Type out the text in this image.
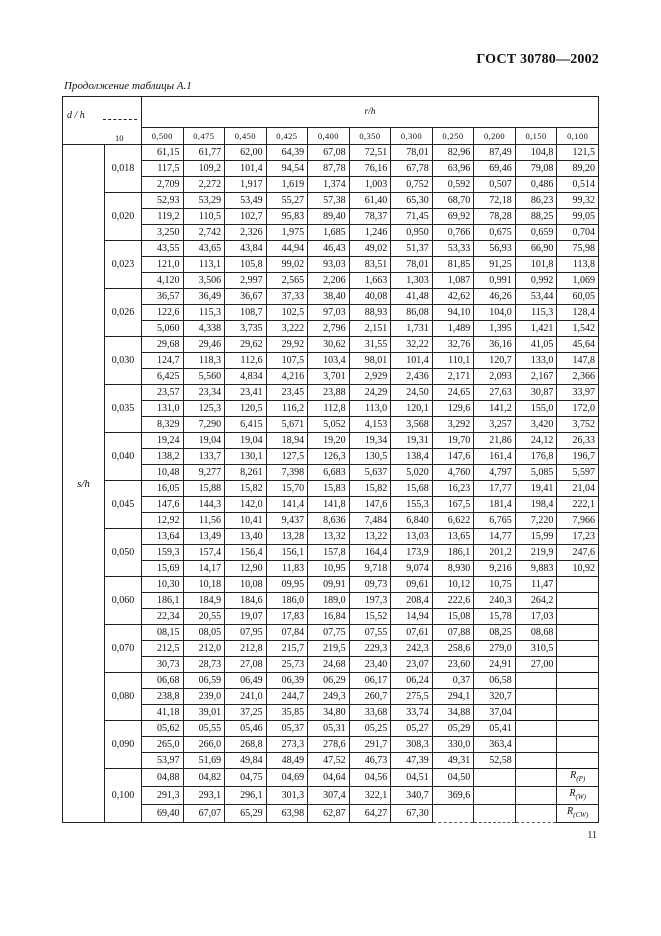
ГОСТ 30780—2002
Продолжение таблицы А.1
d / h
10		r/h										
		0,500	0,475	0,450	0,425	0,400	0,350	0,300	0,250	0,200	0,150	0,100
s/h	0,018	61,15	61,77	62,00	64,39	67,08	72,51	78,01	82,96	87,49	104,8	121,5
		117,5	109,2	101,4	94,54	87,78	76,16	67,78	63,96	69,46	79,08	89,20
		2,709	2,272	1,917	1,619	1,374	1,003	0,752	0,592	0,507	0,486	0,514
	0,020	52,93	53,29	53,49	55,27	57,38	61,40	65,30	68,70	72,18	86,23	99,32
		119,2	110,5	102,7	95,83	89,40	78,37	71,45	69,92	78,28	88,25	99,05
		3,250	2,742	2,326	1,975	1,685	1,246	0,950	0,766	0,675	0,659	0,704
	0,023	43,55	43,65	43,84	44,94	46,43	49,02	51,37	53,33	56,93	66,90	75,98
		121,0	113,1	105,8	99,02	93,03	83,51	78,01	81,85	91,25	101,8	113,8
		4,120	3,506	2,997	2,565	2,206	1,663	1,303	1,087	0,991	0,992	1,069
	0,026	36,57	36,49	36,67	37,33	38,40	40,08	41,48	42,62	46,26	53,44	60,05
		122,6	115,3	108,7	102,5	97,03	88,93	86,08	94,10	104,0	115,3	128,4
		5,060	4,338	3,735	3,222	2,796	2,151	1,731	1,489	1,395	1,421	1,542
	0,030	29,68	29,46	29,62	29,92	30,62	31,55	32,22	32,76	36,16	41,05	45,64
		124,7	118,3	112,6	107,5	103,4	98,01	101,4	110,1	120,7	133,0	147,8
		6,425	5,560	4,834	4,216	3,701	2,929	2,436	2,171	2,093	2,167	2,366
	0,035	23,57	23,34	23,41	23,45	23,88	24,29	24,50	24,65	27,63	30,87	33,97
		131,0	125,3	120,5	116,2	112,8	113,0	120,1	129,6	141,2	155,0	172,0
		8,329	7,290	6,415	5,671	5,052	4,153	3,568	3,292	3,257	3,420	3,752
	0,040	19,24	19,04	19,04	18,94	19,20	19,34	19,31	19,70	21,86	24,12	26,33
		138,2	133,7	130,1	127,5	126,3	130,5	138,4	147,6	161,4	176,8	196,7
		10,48	9,277	8,261	7,398	6,683	5,637	5,020	4,760	4,797	5,085	5,597
	0,045	16,05	15,88	15,82	15,70	15,83	15,82	15,68	16,23	17,77	19,41	21,04
		147,6	144,3	142,0	141,4	141,8	147,6	155,3	167,5	181,4	198,4	222,1
		12,92	11,56	10,41	9,437	8,636	7,484	6,840	6,622	6,765	7,220	7,966
	0,050	13,64	13,49	13,40	13,28	13,32	13,22	13,03	13,65	14,77	15,99	17,23
		159,3	157,4	156,4	156,1	157,8	164,4	173,9	186,1	201,2	219,9	247,6
		15,69	14,17	12,90	11,83	10,95	9,718	9,074	8,930	9,216	9,883	10,92
	0,060	10,30	10,18	10,08	09,95	09,91	09,73	09,61	10,12	10,75	11,47	
		186,1	184,9	184,6	186,0	189,0	197,3	208,4	222,6	240,3	264,2	
		22,34	20,55	19,07	17,83	16,84	15,52	14,94	15,08	15,78	17,03	
	0,070	08,15	08,05	07,95	07,84	07,75	07,55	07,61	07,88	08,25	08,68	
		212,5	212,0	212,8	215,7	219,5	229,3	242,3	258,6	279,0	310,5	
		30,73	28,73	27,08	25,73	24,68	23,40	23,07	23,60	24,91	27,00	
	0,080	06,68	06,59	06,49	06,39	06,29	06,17	06,24	0,37	06,58		
		238,8	239,0	241,0	244,7	249,3	260,7	275,5	294,1	320,7		
		41,18	39,01	37,25	35,85	34,80	33,68	33,74	34,88	37,04		
	0,090	05,62	05,55	05,46	05,37	05,31	05,25	05,27	05,29	05,41		
		265,0	266,0	268,8	273,3	278,6	291,7	308,3	330,0	363,4		
		53,97	51,69	49,84	48,49	47,52	46,73	47,39	49,31	52,58		
	0,100	04,88	04,82	04,75	04,69	04,64	04,56	04,51	04,50			$R_{(P)}$
		291,3	293,1	296,1	301,3	307,4	322,1	340,7	369,6			$R_{(W)}$
		69,40	67,07	65,29	63,98	62,87	64,27	67,30				$R_{(CW)}$
11
